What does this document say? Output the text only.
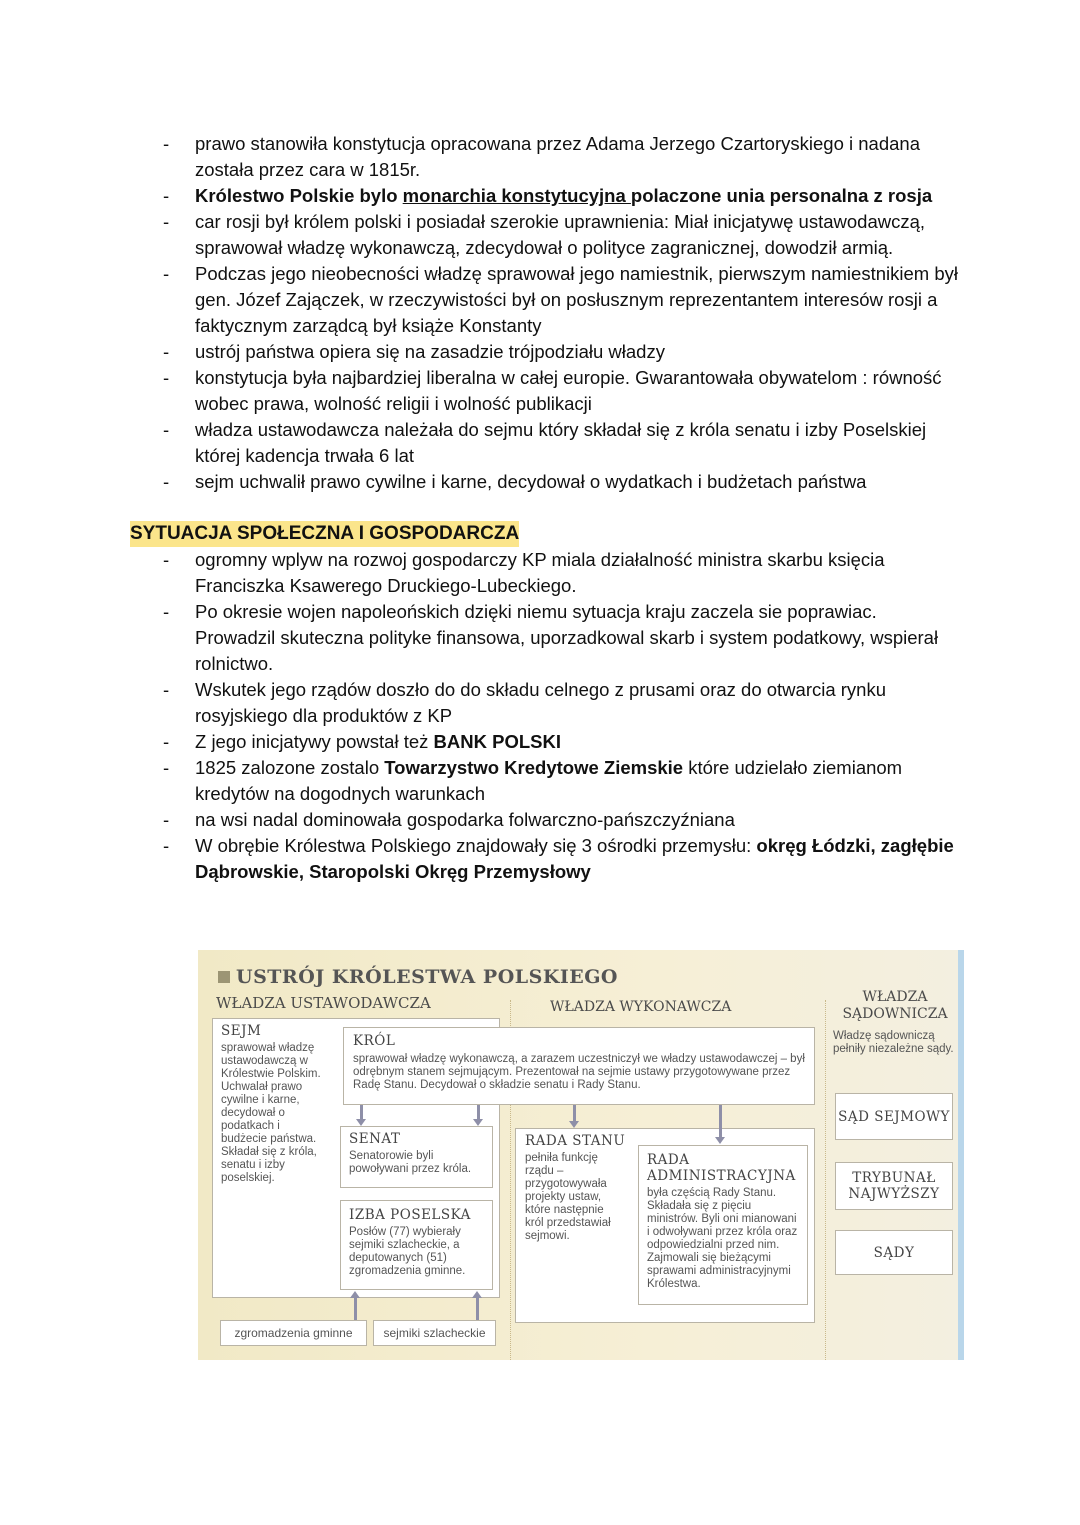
- prawo stanowiła konstytucja opracowana przez Adama Jerzego Czartoryskiego i nadana została przez cara w 1815r.
- Królestwo Polskie bylo monarchia konstytucyjna polaczone unia personalna z rosja
- car rosji był królem polski i posiadał szerokie uprawnienia: Miał inicjatywę ustawodawczą, sprawował władzę wykonawczą, zdecydował o polityce zagranicznej, dowodził armią.
- Podczas jego nieobecności władzę sprawował jego namiestnik, pierwszym namiestnikiem był gen. Józef Zajączek, w rzeczywistości był on posłusznym reprezentantem interesów rosji a faktycznym zarządcą był książe Konstanty
- ustrój państwa opiera się na zasadzie trójpodziału władzy
- konstytucja była najbardziej liberalna w całej europie. Gwarantowała obywatelom : równość wobec prawa, wolność religii i wolność publikacji
- władza ustawodawcza należała do sejmu który składał się z króla senatu i izby Poselskiej której kadencja trwała 6 lat
- sejm uchwalił prawo cywilne i karne, decydował o wydatkach i budżetach państwa
SYTUACJA SPOŁECZNA I GOSPODARCZA
- ogromny wplyw na rozwoj gospodarczy KP miala działalność ministra skarbu księcia Franciszka Ksawerego Druckiego-Lubeckiego.
- Po okresie wojen napoleońskich dzięki niemu sytuacja kraju zaczela sie poprawiac. Prowadzil skuteczna polityke finansowa, uporzadkowal skarb i system podatkowy, wspierał rolnictwo.
- Wskutek jego rządów doszło do do składu celnego z prusami oraz do otwarcia rynku rosyjskiego dla produktów z KP
- Z jego inicjatywy powstał też BANK POLSKI
- 1825 zalozone zostalo Towarzystwo Kredytowe Ziemskie które udzielało ziemianom kredytów na dogodnych warunkach
- na wsi nadal dominowała gospodarka folwarczno-pańszczyźniana
- W obrębie Królestwa Polskiego znajdowały się 3 ośrodki przemysłu: okręg Łódzki, zagłębie Dąbrowskie, Staropolski Okręg Przemysłowy
USTRÓJ KRÓLESTWA POLSKIEGO
WŁADZA USTAWODAWCZA	WŁADZA WYKONAWCZA
WŁADZA SĄDOWNICZA
Władzę sądowniczą pełniły niezależne sądy.
SEJM
sprawował władzę ustawodawczą w Królestwie Polskim. Uchwalał prawo cywilne i karne, decydował o podatkach i budżecie państwa. Składał się z króla, senatu i izby poselskiej.
KRÓL
sprawował władzę wykonawczą, a zarazem uczestniczył we władzy ustawodawczej – był odrębnym stanem sejmującym. Prezentował na sejmie ustawy przygotowywane przez Radę Stanu. Decydował o składzie senatu i Rady Stanu.
SENAT
Senatorowie byli powoływani przez króla.
IZBA POSELSKA
Posłów (77) wybierały sejmiki szlacheckie, a deputowanych (51) zgromadzenia gminne.
RADA STANU
pełniła funkcję rządu – przygotowywała projekty ustaw, które następnie król przedstawiał sejmowi.
RADA ADMINISTRACYJNA
była częścią Rady Stanu. Składała się z pięciu ministrów. Byli oni mianowani i odwoływani przez króla oraz odpowiedzialni przed nim. Zajmowali się bieżącymi sprawami administracyjnymi Królestwa.
SĄD SEJMOWY
TRYBUNAŁ NAJWYŻSZY
SĄDY
zgromadzenia gminne	sejmiki szlacheckie
